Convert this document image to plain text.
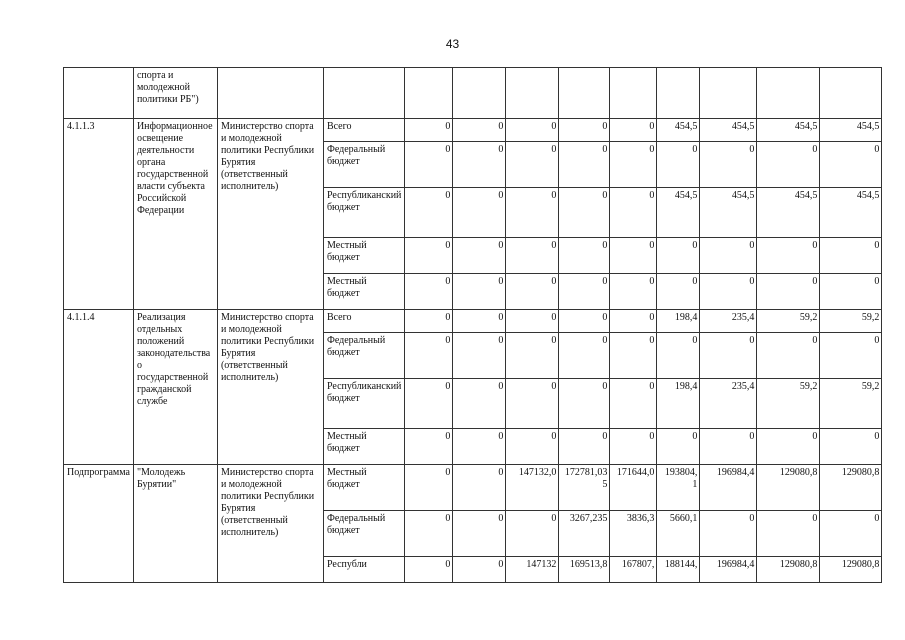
43
	спорта и молодежной политики РБ")											
4.1.1.3	Информационное освещение деятельности органа государственной власти субъекта Российской Федерации	Министерство спорта и молодежной политики Республики Бурятия (ответственный исполнитель)	Всего	0	0	0	0	0	454,5	454,5	454,5	454,5
			Федеральный бюджет	0	0	0	0	0	0	0	0	0
			Республиканский бюджет	0	0	0	0	0	454,5	454,5	454,5	454,5
			Местный бюджет	0	0	0	0	0	0	0	0	0
			Местный бюджет	0	0	0	0	0	0	0	0	0
4.1.1.4	Реализация отдельных положений законодательства о государственной гражданской службе	Министерство спорта и молодежной политики Республики Бурятия (ответственный исполнитель)	Всего	0	0	0	0	0	198,4	235,4	59,2	59,2
			Федеральный бюджет	0	0	0	0	0	0	0	0	0
			Республиканский бюджет	0	0	0	0	0	198,4	235,4	59,2	59,2
			Местный бюджет	0	0	0	0	0	0	0	0	0
Подпрограмма	"Молодежь Бурятии"	Министерство спорта и молодежной политики Республики Бурятия (ответственный исполнитель)	Местный бюджет	0	0	147132,0	172781,035	171644,0	193804,1	196984,4	129080,8	129080,8
			Федеральный бюджет	0	0	0	3267,235	3836,3	5660,1	0	0	0
			Республи	0	0	147132	169513,8	167807,	188144,	196984,4	129080,8	129080,8
